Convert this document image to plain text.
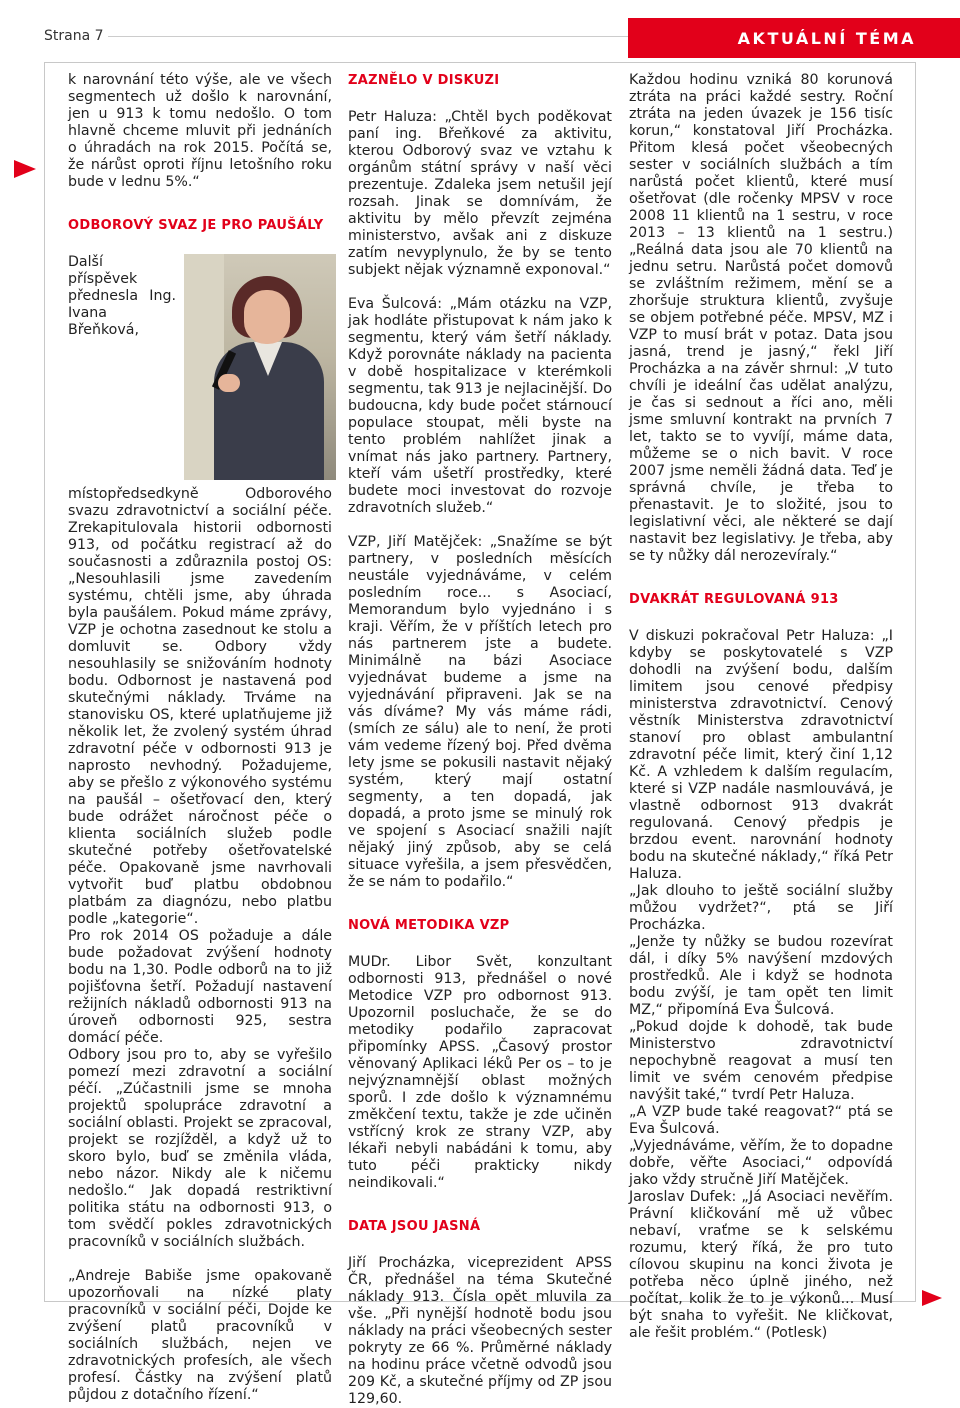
Strana 7	AKTUÁLNÍ TÉMA

k narovnání této výše, ale ve všech segmentech už došlo k narovnání, jen u 913 k tomu nedošlo. O tom hlavně chceme mluvit při jednáních o úhradách na rok 2015. Počítá se, že nárůst oproti říjnu letošního roku bude v lednu 5%.“

ODBOROVÝ SVAZ JE PRO PAUŠÁLY

Další příspěvek přednesla Ing. Ivana Břeňková, místopředsedkyně Odborového svazu zdravotnictví a sociální péče. Zrekapitulovala historii odbornosti 913, od počátku registrací až do současnosti a zdůraznila postoj OS: „Nesouhlasili jsme zavedením systému, chtěli jsme, aby úhrada byla paušálem. Pokud máme zprávy, VZP je ochotna zasednout ke stolu a domluvit se. Odbory vždy nesouhlasily se snižováním hodnoty bodu. Odbornost je nastavená pod skutečnými náklady. Trváme na stanovisku OS, které uplatňujeme již několik let, že zvolený systém úhrad zdravotní péče v odbornosti 913 je naprosto nevhodný. Požadujeme, aby se přešlo z výkonového systému na paušál – ošetřovací den, který bude odrážet náročnost péče o klienta sociálních služeb podle skutečné potřeby ošetřovatelské péče. Opakovaně jsme navrhovali vytvořit buď platbu obdobnou platbám za diagnózu, nebo platbu podle „kategorie“.

Pro rok 2014 OS požaduje a dále bude požadovat zvýšení hodnoty bodu na 1,30. Podle odborů na to již pojišťovna šetří. Požadují nastavení režijních nákladů odbornosti 913 na úroveň odbornosti 925, sestra domácí péče.

Odbory jsou pro to, aby se vyřešilo pomezí mezi zdravotní a sociální péčí. „Zúčastnili jsme se mnoha projektů spolupráce zdravotní a sociální oblasti. Projekt se zpracoval, projekt se rozjížděl, a když už to skoro bylo, buď se změnila vláda, nebo názor. Nikdy ale k ničemu nedošlo.“ Jak dopadá restriktivní politika státu na odbornosti 913, o tom svědčí pokles zdravotnických pracovníků v sociálních službách.

„Andreje Babiše jsme opakovaně upozorňovali na nízké platy pracovníků v sociální péči, Dojde ke zvýšení platů pracovníků v sociálních službách, nejen ve zdravotnických profesích, ale všech profesí. Částky na zvýšení platů půjdou z dotačního řízení.“

ZAZNĚLO V DISKUZI

Petr Haluza: „Chtěl bych poděkovat paní ing. Břeňkové za aktivitu, kterou Odborový svaz ve vztahu k orgánům státní správy v naší věci prezentuje. Zdaleka jsem netušil její rozsah. Jinak se domnívám, že aktivitu by mělo převzít zejména ministerstvo, avšak ani z diskuze zatím nevyplynulo, že by se tento subjekt nějak významně exponoval.“

Eva Šulcová: „Mám otázku na VZP, jak hodláte přistupovat k nám jako k segmentu, který vám šetří náklady. Když porovnáte náklady na pacienta v době hospitalizace v kterémkoli segmentu, tak 913 je nejlacinější. Do budoucna, kdy bude počet stárnoucí populace stoupat, měli byste na tento problém nahlížet jinak a vnímat nás jako partnery. Partnery, kteří vám ušetří prostředky, které budete moci investovat do rozvoje zdravotních služeb.“

VZP, Jiří Matějček: „Snažíme se být partnery, v posledních měsících neustále vyjednáváme, v celém posledním roce... s Asociací, Memorandum bylo vyjednáno i s kraji. Věřím, že v příštích letech pro nás partnerem jste a budete. Minimálně na bázi Asociace vyjednávat budeme a jsme na vyjednávání připraveni. Jak se na vás díváme? My vás máme rádi, (smích ze sálu) ale to není, že proti vám vedeme řízený boj. Před dvěma lety jsme se pokusili nastavit nějaký systém, který mají ostatní segmenty, a ten dopadá, jak dopadá, a proto jsme se minulý rok ve spojení s Asociací snažili najít nějaký jiný způsob, aby se celá situace vyřešila, a jsem přesvědčen, že se nám to podařilo.“

NOVÁ METODIKA VZP

MUDr. Libor Svět, konzultant odbornosti 913, přednášel o nové Metodice VZP pro odbornost 913. Upozornil posluchače, že se do metodiky podařilo zapracovat připomínky APSS. „Časový prostor věnovaný Aplikaci léků Per os – to je nejvýznamnější oblast možných sporů. I zde došlo k významnému změkčení textu, takže je zde učiněn vstřícný krok ze strany VZP, aby lékaři nebyli nabádáni k tomu, aby tuto péči prakticky nikdy neindikovali.“

DATA JSOU JASNÁ

Jiří Procházka, viceprezident APSS ČR, přednášel na téma Skutečné náklady 913. Čísla opět mluvila za vše. „Při nynější hodnotě bodu jsou náklady na práci všeobecných sester pokryty ze 66 %. Průměrné náklady na hodinu práce včetně odvodů jsou 209 Kč, a skutečné příjmy od ZP jsou 129,60.

Každou hodinu vzniká 80 korunová ztráta na práci každé sestry. Roční ztráta na jeden úvazek je 156 tisíc korun,“ konstatoval Jiří Procházka. Přitom klesá počet všeobecných sester v sociálních službách a tím narůstá počet klientů, které musí ošetřovat (dle ročenky MPSV v roce 2008 11 klientů na 1 sestru, v roce 2013 – 13 klientů na 1 sestru.) „Reálná data jsou ale 70 klientů na jednu setru. Narůstá počet domovů se zvláštním režimem, mění se a zhoršuje struktura klientů, zvyšuje se objem potřebné péče. MPSV, MZ i VZP to musí brát v potaz. Data jsou jasná, trend je jasný,“ řekl Jiří Procházka a na závěr shrnul: „V tuto chvíli je ideální čas udělat analýzu, je čas si sednout a říci ano, měli jsme smluvní kontrakt na prvních 7 let, takto se to vyvíjí, máme data, můžeme se o nich bavit. V roce 2007 jsme neměli žádná data. Teď je správná chvíle, je třeba to přenastavit. Je to složité, jsou to legislativní věci, ale některé se dají nastavit bez legislativy. Je třeba, aby se ty nůžky dál nerozevíraly.“

DVAKRÁT REGULOVANÁ 913

V diskuzi pokračoval Petr Haluza: „I kdyby se poskytovatelé s VZP dohodli na zvýšení bodu, dalším limitem jsou cenové předpisy ministerstva zdravotnictví. Cenový věstník Ministerstva zdravotnictví stanoví pro oblast ambulantní zdravotní péče limit, který činí 1,12 Kč. A vzhledem k dalším regulacím, které si VZP nadále nasmlouvává, je vlastně odbornost 913 dvakrát regulovaná. Cenový předpis je brzdou event. narovnání hodnoty bodu na skutečné náklady,“ říká Petr Haluza.

„Jak dlouho to ještě sociální služby můžou vydržet?“, ptá se Jiří Procházka.

„Jenže ty nůžky se budou rozevírat dál, i díky 5% navýšení mzdových prostředků. Ale i když se hodnota bodu zvýší, je tam opět ten limit MZ,“ připomíná Eva Šulcová.

„Pokud dojde k dohodě, tak bude Ministerstvo zdravotnictví nepochybně reagovat a musí ten limit ve svém cenovém předpise navýšit také,“ tvrdí Petr Haluza.

„A VZP bude také reagovat?“ ptá se Eva Šulcová.

„Vyjednáváme, věřím, že to dopadne dobře, věřte Asociaci,“ odpovídá jako vždy stručně Jiří Matějček.

Jaroslav Dufek: „Já Asociaci nevěřím. Právní kličkování mě už vůbec nebaví, vraťme se k selskému rozumu, který říká, že pro tuto cílovou skupinu na konci života je potřeba něco úplně jiného, než počítat, kolik že to je výkonů... Musí být snaha to vyřešit. Ne kličkovat, ale řešit problém.“ (Potlesk)
